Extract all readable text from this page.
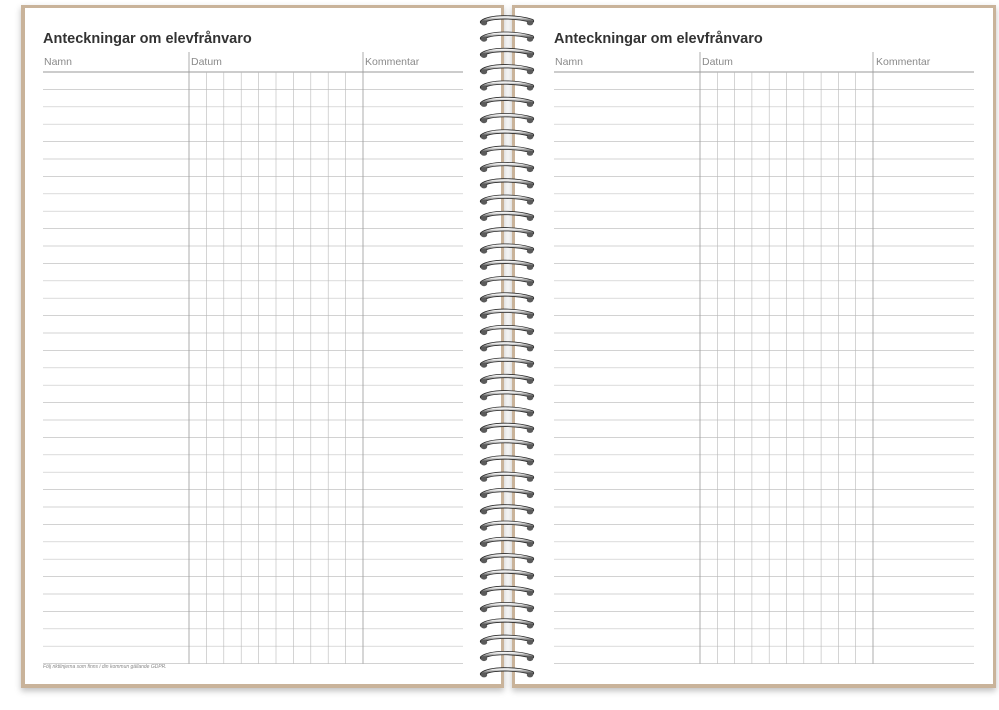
Anteckningar om elevfrånvaro
Namn	Datum	Kommentar
Följ riktlinjerna som finns i din kommun gällande GDPR.
Anteckningar om elevfrånvaro
Namn	Datum	Kommentar
